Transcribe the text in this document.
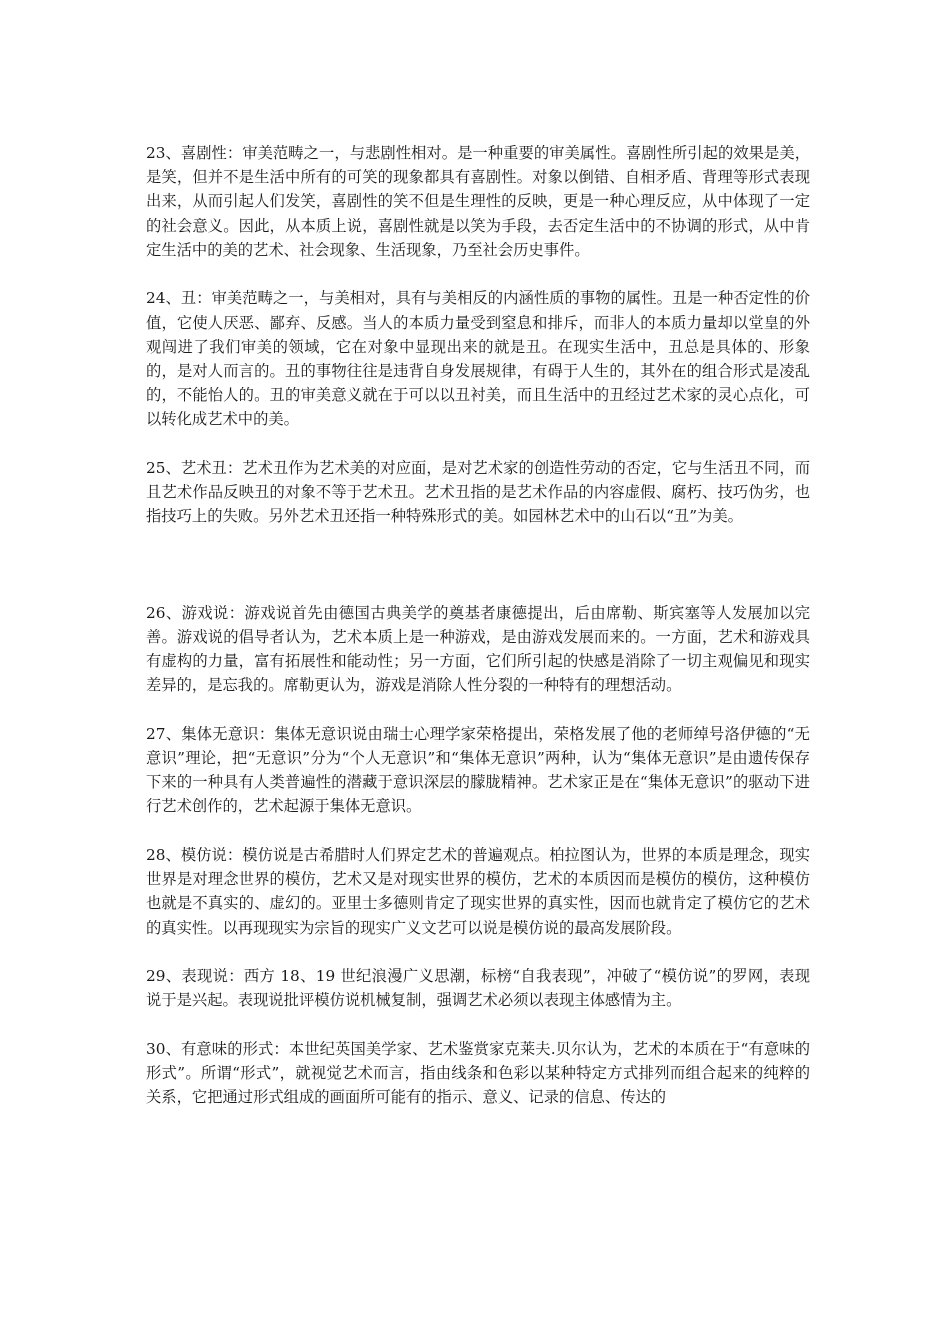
23、喜剧性：审美范畴之一，与悲剧性相对。是一种重要的审美属性。喜剧性所引起的效果是美，是笑，但并不是生活中所有的可笑的现象都具有喜剧性。对象以倒错、自相矛盾、背理等形式表现出来，从而引起人们发笑，喜剧性的笑不但是生理性的反映，更是一种心理反应，从中体现了一定的社会意义。因此，从本质上说，喜剧性就是以笑为手段，去否定生活中的不协调的形式，从中肯定生活中的美的艺术、社会现象、生活现象，乃至社会历史事件。

24、丑：审美范畴之一，与美相对，具有与美相反的内涵性质的事物的属性。丑是一种否定性的价值，它使人厌恶、鄙弃、反感。当人的本质力量受到窒息和排斥，而非人的本质力量却以堂皇的外观闯进了我们审美的领域，它在对象中显现出来的就是丑。在现实生活中，丑总是具体的、形象的，是对人而言的。丑的事物往往是违背自身发展规律，有碍于人生的，其外在的组合形式是凌乱的，不能怡人的。丑的审美意义就在于可以以丑衬美，而且生活中的丑经过艺术家的灵心点化，可以转化成艺术中的美。

25、艺术丑：艺术丑作为艺术美的对应面，是对艺术家的创造性劳动的否定，它与生活丑不同，而且艺术作品反映丑的对象不等于艺术丑。艺术丑指的是艺术作品的内容虚假、腐朽、技巧伪劣，也指技巧上的失败。另外艺术丑还指一种特殊形式的美。如园林艺术中的山石以“丑”为美。

26、游戏说：游戏说首先由德国古典美学的奠基者康德提出，后由席勒、斯宾塞等人发展加以完善。游戏说的倡导者认为，艺术本质上是一种游戏，是由游戏发展而来的。一方面，艺术和游戏具有虚构的力量，富有拓展性和能动性；另一方面，它们所引起的快感是消除了一切主观偏见和现实差异的，是忘我的。席勒更认为，游戏是消除人性分裂的一种特有的理想活动。

27、集体无意识：集体无意识说由瑞士心理学家荣格提出，荣格发展了他的老师绰号洛伊德的“无意识”理论，把“无意识”分为“个人无意识”和“集体无意识”两种，认为“集体无意识”是由遗传保存下来的一种具有人类普遍性的潜藏于意识深层的朦胧精神。艺术家正是在“集体无意识”的驱动下进行艺术创作的，艺术起源于集体无意识。

28、模仿说：模仿说是古希腊时人们界定艺术的普遍观点。柏拉图认为，世界的本质是理念，现实世界是对理念世界的模仿，艺术又是对现实世界的模仿，艺术的本质因而是模仿的模仿，这种模仿也就是不真实的、虚幻的。亚里士多德则肯定了现实世界的真实性，因而也就肯定了模仿它的艺术的真实性。以再现现实为宗旨的现实广义文艺可以说是模仿说的最高发展阶段。

29、表现说：西方 18、19 世纪浪漫广义思潮，标榜“自我表现”，冲破了“模仿说”的罗网，表现说于是兴起。表现说批评模仿说机械复制，强调艺术必须以表现主体感情为主。

30、有意味的形式：本世纪英国美学家、艺术鉴赏家克莱夫.贝尔认为，艺术的本质在于“有意味的形式”。所谓“形式”，就视觉艺术而言，指由线条和色彩以某种特定方式排列而组合起来的纯粹的关系，它把通过形式组成的画面所可能有的指示、意义、记录的信息、传达的
